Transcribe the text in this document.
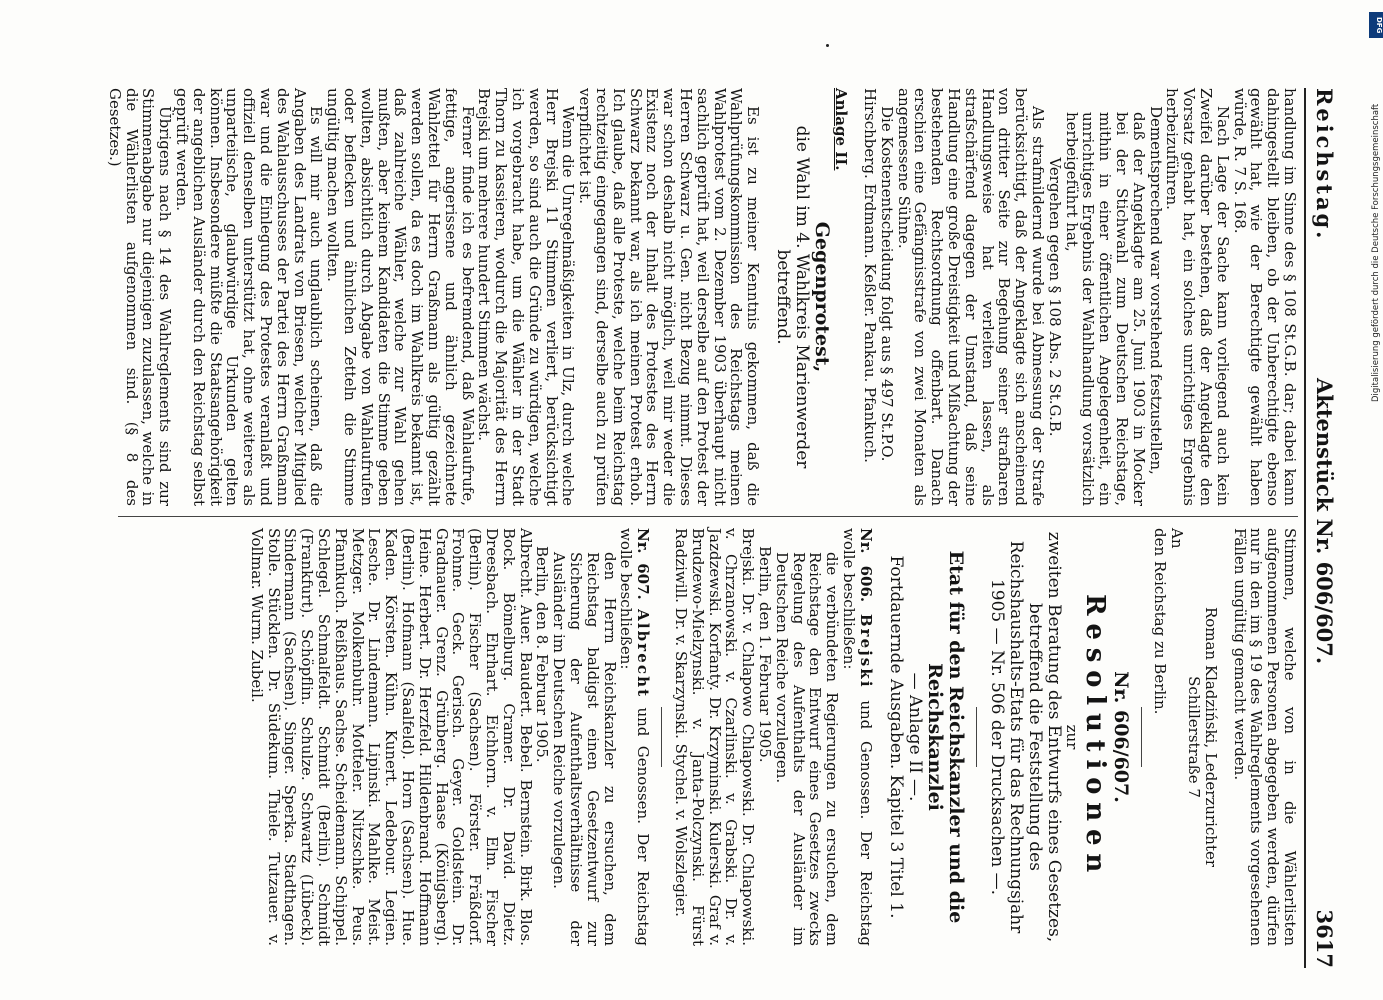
Reichstag.
Aktenstück Nr. 606/607.
3617

handlung im Sinne des § 108 St.G.B. dar; dabei kann dahingestellt bleiben, ob der Unberechtigte ebenso gewählt hat, wie der Berechtigte gewählt haben würde, R. 7 S. 168.

Nach Lage der Sache kann vorliegend auch kein Zweifel darüber bestehen, daß der Angeklagte den Vorsatz gehabt hat, ein solches unrichtiges Ergebnis herbeizuführen.

Dementsprechend war vorstehend festzustellen,

daß der Angeklagte am 25. Juni 1903 in Mocker bei der Stichwahl zum Deutschen Reichstage, mithin in einer öffentlichen Angelegenheit, ein unrichtiges Ergebnis der Wahlhandlung vorsätzlich herbeigeführt hat,

Vergehen gegen § 108 Abs. 2 St.G.B.

Als strafmildernd wurde bei Abmessung der Strafe berücksichtigt, daß der Angeklagte sich anscheinend von dritter Seite zur Begehung seiner strafbaren Handlungsweise hat verleiten lassen, als strafschärfend dagegen der Umstand, daß seine Handlung eine große Dreistigkeit und Mißachtung der bestehenden Rechtsordnung offenbart. Danach erschien eine Gefängnisstrafe von zwei Monaten als angemessene Sühne.

Die Kostenentscheidung folgt aus § 497 St.P.O.

Hirschberg. Erdmann. Keßler. Pankau. Pfankuch.

Anlage II.

Gegenprotest,

die Wahl im 4. Wahlkreis Marienwerder betreffend.

Es ist zu meiner Kenntnis gekommen, daß die Wahlprüfungskommission des Reichstags meinen Wahlprotest vom 2. Dezember 1903 überhaupt nicht sachlich geprüft hat, weil derselbe auf den Protest der Herren Schwarz u. Gen. nicht Bezug nimmt. Dieses war schon deshalb nicht möglich, weil mir weder die Existenz noch der Inhalt des Protestes des Herrn Schwarz bekannt war, als ich meinen Protest erhob. Ich glaube, daß alle Proteste, welche beim Reichstag rechtzeitig eingegangen sind, derselbe auch zu prüfen verpflichtet ist.

Wenn die Unregelmäßigkeiten in Ulz, durch welche Herr Brejski 11 Stimmen verliert, berücksichtigt werden, so sind auch die Gründe zu würdigen, welche ich vorgebracht habe, um die Wähler in der Stadt Thorn zu kassieren, wodurch die Majorität des Herrn Brejski um mehrere hundert Stimmen wächst.

Ferner finde ich es befremdend, daß Wahlaufrufe, fettige, angerissene und ähnlich gezeichnete Wahlzettel für Herrn Graßmann als gültig gezählt werden sollen, da es doch im Wahlkreis bekannt ist, daß zahlreiche Wähler, welche zur Wahl gehen mußten, aber keinem Kandidaten die Stimme geben wollten, absichtlich durch Abgabe von Wahlaufrufen oder beflecken und ähnlichen Zetteln die Stimme ungültig machen wollten.

Es will mir auch unglaublich scheinen, daß die Angaben des Landrats von Briesen, welcher Mitglied des Wahlausschusses der Partei des Herrn Graßmann war und die Einlegung des Protestes veranlaßt und offiziell denselben unterstützt hat, ohne weiteres als unparteiische, glaubwürdige Urkunden gelten können. Insbesondere müßte die Staatsangehörigkeit der angeblichen Ausländer durch den Reichstag selbst geprüft werden.

Übrigens nach § 14 des Wahlreglements sind zur Stimmenabgabe nur diejenigen zuzulassen, welche in die Wählerlisten aufgenommen sind. (§ 8 des Gesetzes.)

Stimmen, welche von in die Wählerlisten aufgenommenen Personen abgegeben werden, dürfen nur in den im § 19 des Wahlreglements vorgesehenen Fällen ungültig gemacht werden.

Roman Kladziński, Lederzurichter

Schillerstraße 7

An

den Reichstag zu Berlin.

Nr. 606/607.

Resolutionen

zur

zweiten Beratung des Entwurfs eines Gesetzes, betreffend die Feststellung des Reichshaushalts-Etats für das Rechnungsjahr 1905 — Nr. 506 der Drucksachen —.

Etat für den Reichskanzler und die Reichskanzlei

— Anlage II —.

Fortdauernde Ausgaben. Kapitel 3 Titel 1.

Nr. 606. Brejski und Genossen. Der Reichstag wolle beschließen:

die verbündeten Regierungen zu ersuchen, dem Reichstage den Entwurf eines Gesetzes zwecks Regelung des Aufenthalts der Ausländer im Deutschen Reiche vorzulegen.

Berlin, den 1. Februar 1905.

Brejski. Dr. v. Chlapowo Chlapowski. Dr. Chlapowski. v. Chrzanowski. v. Czarlinski. v. Grabski. Dr. v. Jazdzewski. Korfanty. Dr. Krzyminski. Kulerski. Graf v. Brudzewo-Mielzynski. v. Janta-Polczynski. Fürst Radziwill. Dr. v. Skarzynski. Stychel. v. Wolszlegier.

Nr. 607. Albrecht und Genossen. Der Reichstag wolle beschließen:

den Herrn Reichskanzler zu ersuchen, dem Reichstag baldigst einen Gesetzentwurf zur Sicherung der Aufenthaltsverhältnisse der Ausländer im Deutschen Reiche vorzulegen.

Berlin, den 8. Februar 1905.

Albrecht. Auer. Baudert. Bebel. Bernstein. Birk. Blos. Bock. Bömelburg. Cramer. Dr. David. Dietz. Dreesbach. Ehrhart. Eichhorn. v. Elm. Fischer (Berlin). Fischer (Sachsen). Förster. Fräßdorf. Frohme. Geck. Gerisch. Geyer. Goldstein. Dr. Gradnauer. Grenz. Grünberg. Haase (Königsberg). Heine. Herbert. Dr. Herzfeld. Hildenbrand. Hoffmann (Berlin). Hofmann (Saalfeld). Horn (Sachsen). Hue. Kaden. Körsten. Kühn. Kunert. Ledebour. Legien. Lesche. Dr. Lindemann. Lipinski. Mahlke. Meist. Metzger. Molkenbuhr. Motteler. Nitzschke. Peus. Pfannkuch. Reißhaus. Sachse. Scheidemann. Schippel. Schlegel. Schmalfeldt. Schmidt (Berlin). Schmidt (Frankfurt). Schöpflin. Schulze. Schwartz (Lübeck). Sindermann (Sachsen). Singer. Sperka. Stadthagen. Stolle. Stücklen. Dr. Südekum. Thiele. Tutzauer. v. Vollmar. Wurm. Zubeil.

DFG
Digitalisierung gefördert durch die Deutsche Forschungsgemeinschaft
